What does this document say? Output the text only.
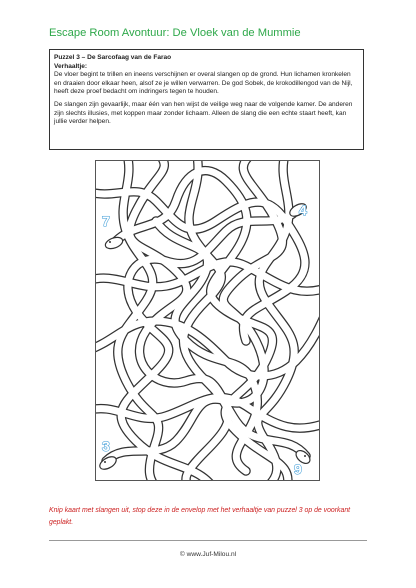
Escape Room Avontuur: De Vloek van de Mummie

Puzzel 3 – De Sarcofaag van de Farao

Verhaaltje:

De vloer begint te trillen en ineens verschijnen er overal slangen op de grond. Hun lichamen kronkelen en draaien door elkaar heen, alsof ze je willen verwarren. De god Sobek, de krokodillengod van de Nijl, heeft deze proef bedacht om indringers tegen te houden.

De slangen zijn gevaarlijk, maar één van hen wijst de veilige weg naar de volgende kamer. De anderen zijn slechts illusies, met koppen maar zonder lichaam. Alleen de slang die een echte staart heeft, kan jullie verder helpen.

7
4
3
9
Knip kaart met slangen uit, stop deze in de envelop met het verhaaltje van puzzel 3 op de voorkant geplakt.
© www.Juf-Milou.nl
